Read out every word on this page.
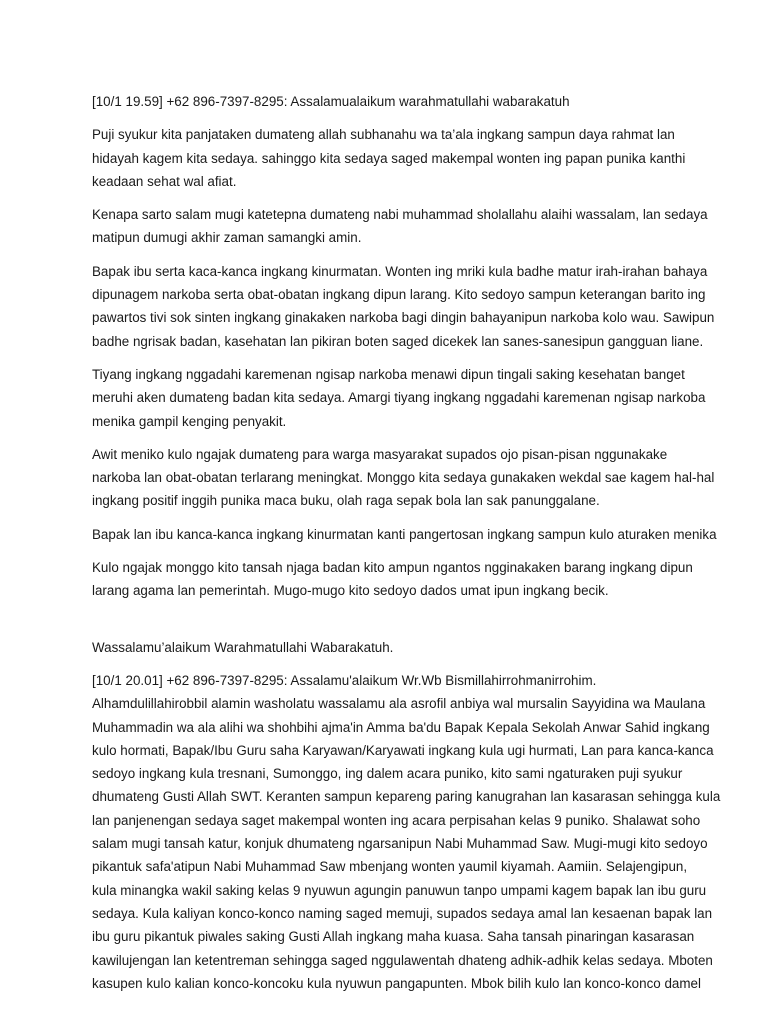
[10/1 19.59] +62 896-7397-8295: Assalamualaikum warahmatullahi wabarakatuh

Puji syukur kita panjataken dumateng allah subhanahu wa ta’ala ingkang sampun daya rahmat lan
hidayah kagem kita sedaya. sahinggo kita sedaya saged makempal wonten ing papan punika kanthi
keadaan sehat wal afiat.

Kenapa sarto salam mugi katetepna dumateng nabi muhammad sholallahu alaihi wassalam, lan sedaya
matipun dumugi akhir zaman samangki amin.

Bapak ibu serta kaca-kanca ingkang kinurmatan. Wonten ing mriki kula badhe matur irah-irahan bahaya
dipunagem narkoba serta obat-obatan ingkang dipun larang. Kito sedoyo sampun keterangan barito ing
pawartos tivi sok sinten ingkang ginakaken narkoba bagi dingin bahayanipun narkoba kolo wau. Sawipun
badhe ngrisak badan, kasehatan lan pikiran boten saged dicekek lan sanes-sanesipun gangguan liane.

Tiyang ingkang nggadahi karemenan ngisap narkoba menawi dipun tingali saking kesehatan banget
meruhi aken dumateng badan kita sedaya. Amargi tiyang ingkang nggadahi karemenan ngisap narkoba
menika gampil kenging penyakit.

Awit meniko kulo ngajak dumateng para warga masyarakat supados ojo pisan-pisan nggunakake
narkoba lan obat-obatan terlarang meningkat. Monggo kita sedaya gunakaken wekdal sae kagem hal-hal
ingkang positif inggih punika maca buku, olah raga sepak bola lan sak panunggalane.

Bapak lan ibu kanca-kanca ingkang kinurmatan kanti pangertosan ingkang sampun kulo aturaken menika

Kulo ngajak monggo kito tansah njaga badan kito ampun ngantos ngginakaken barang ingkang dipun
larang agama lan pemerintah. Mugo-mugo kito sedoyo dados umat ipun ingkang becik.

Wassalamu’alaikum Warahmatullahi Wabarakatuh.

[10/1 20.01] +62 896-7397-8295: Assalamu'alaikum Wr.Wb Bismillahirrohmanirrohim.
Alhamdulillahirobbil alamin washolatu wassalamu ala asrofil anbiya wal mursalin Sayyidina wa Maulana
Muhammadin wa ala alihi wa shohbihi ajma'in Amma ba'du Bapak Kepala Sekolah Anwar Sahid ingkang
kulo hormati, Bapak/Ibu Guru saha Karyawan/Karyawati ingkang kula ugi hurmati, Lan para kanca-kanca
sedoyo ingkang kula tresnani, Sumonggo, ing dalem acara puniko, kito sami ngaturaken puji syukur
dhumateng Gusti Allah SWT. Keranten sampun kepareng paring kanugrahan lan kasarasan sehingga kula
lan panjenengan sedaya saget makempal wonten ing acara perpisahan kelas 9 puniko. Shalawat soho
salam mugi tansah katur, konjuk dhumateng ngarsanipun Nabi Muhammad Saw. Mugi-mugi kito sedoyo
pikantuk safa'atipun Nabi Muhammad Saw mbenjang wonten yaumil kiyamah. Aamiin. Selajengipun,
kula minangka wakil saking kelas 9 nyuwun agungin panuwun tanpo umpami kagem bapak lan ibu guru
sedaya. Kula kaliyan konco-konco naming saged memuji, supados sedaya amal lan kesaenan bapak lan
ibu guru pikantuk piwales saking Gusti Allah ingkang maha kuasa. Saha tansah pinaringan kasarasan
kawilujengan lan ketentreman sehingga saged nggulawentah dhateng adhik-adhik kelas sedaya. Mboten
kasupen kulo kalian konco-koncoku kula nyuwun pangapunten. Mbok bilih kulo lan konco-konco damel
